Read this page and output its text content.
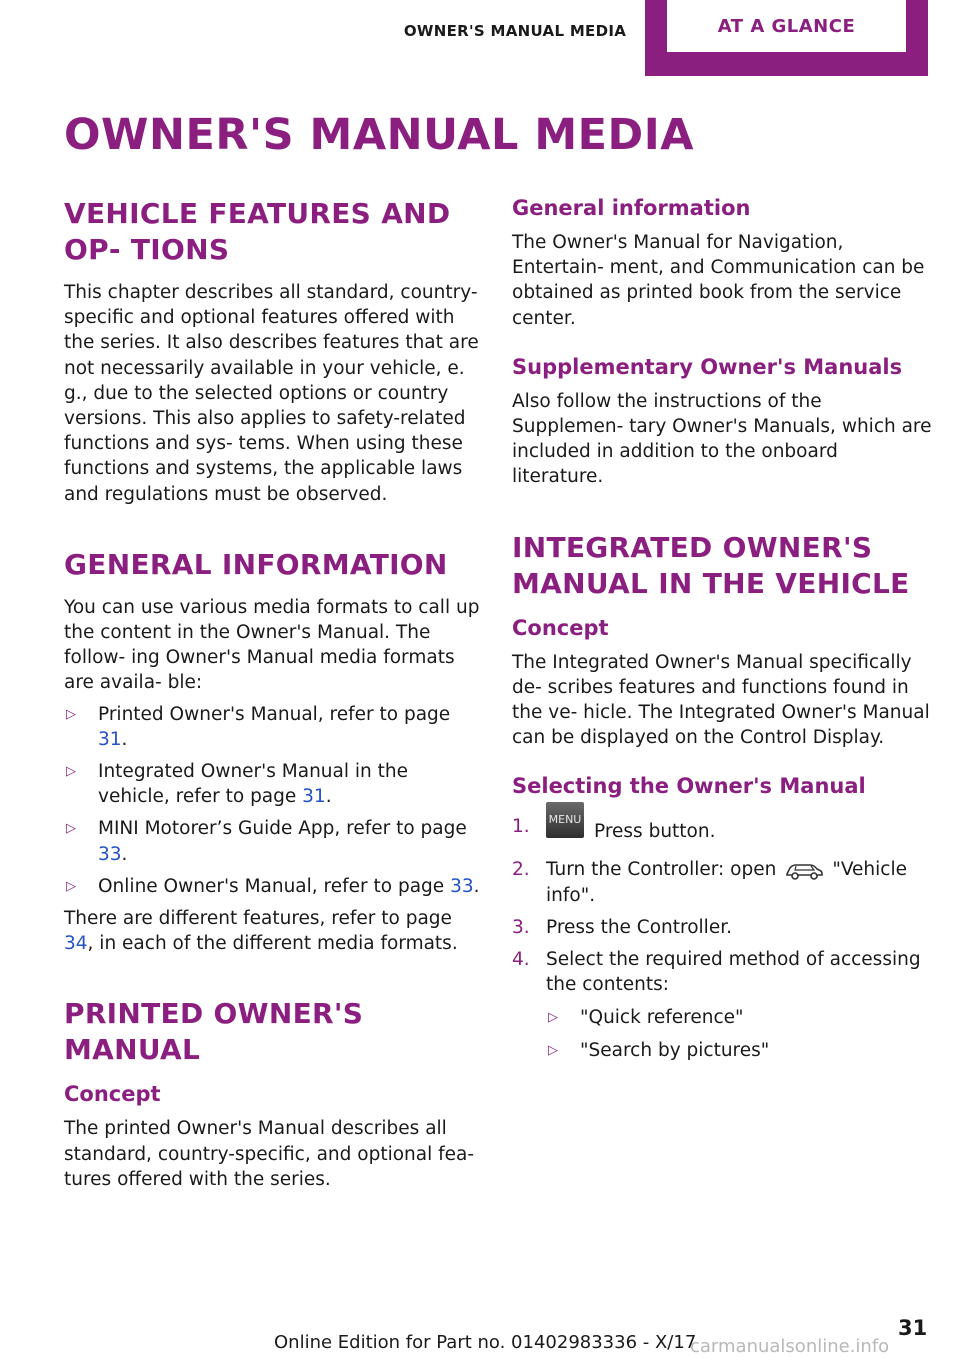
OWNER'S MANUAL MEDIA	AT A GLANCE
OWNER'S MANUAL MEDIA
VEHICLE FEATURES AND OP‐ TIONS

This chapter describes all standard, country-specific and optional features offered with the series. It also describes features that are not necessarily available in your vehicle, e. g., due to the selected options or country versions. This also applies to safety-related functions and sys‐ tems. When using these functions and systems, the applicable laws and regulations must be observed.

GENERAL INFORMATION

You can use various media formats to call up the content in the Owner's Manual. The follow‐ ing Owner's Manual media formats are availa‐ ble:

▷ Printed Owner's Manual, refer to page 31.
▷ Integrated Owner's Manual in the vehicle, refer to page 31.
▷ MINI Motorer’s Guide App, refer to page 33.
▷ Online Owner's Manual, refer to page 33.

There are different features, refer to page 34, in each of the different media formats.

PRINTED OWNER'S MANUAL
Concept

The printed Owner's Manual describes all standard, country-specific, and optional fea‐ tures offered with the series.

General information

The Owner's Manual for Navigation, Entertain‐ ment, and Communication can be obtained as printed book from the service center.

Supplementary Owner's Manuals

Also follow the instructions of the Supplemen‐ tary Owner's Manuals, which are included in addition to the onboard literature.

INTEGRATED OWNER'S MANUAL IN THE VEHICLE
Concept

The Integrated Owner's Manual specifically de‐ scribes features and functions found in the ve‐ hicle. The Integrated Owner's Manual can be displayed on the Control Display.

Selecting the Owner's Manual
1. MENUPress button.
2. Turn the Controller: open	"Vehicle info".
3. Press the Controller.
4. Select the required method of accessing the contents:
▷ "Quick reference"
▷ "Search by pictures"
Online Edition for Part no. 01402983336 - X/17
31
carmanualsonline.info
